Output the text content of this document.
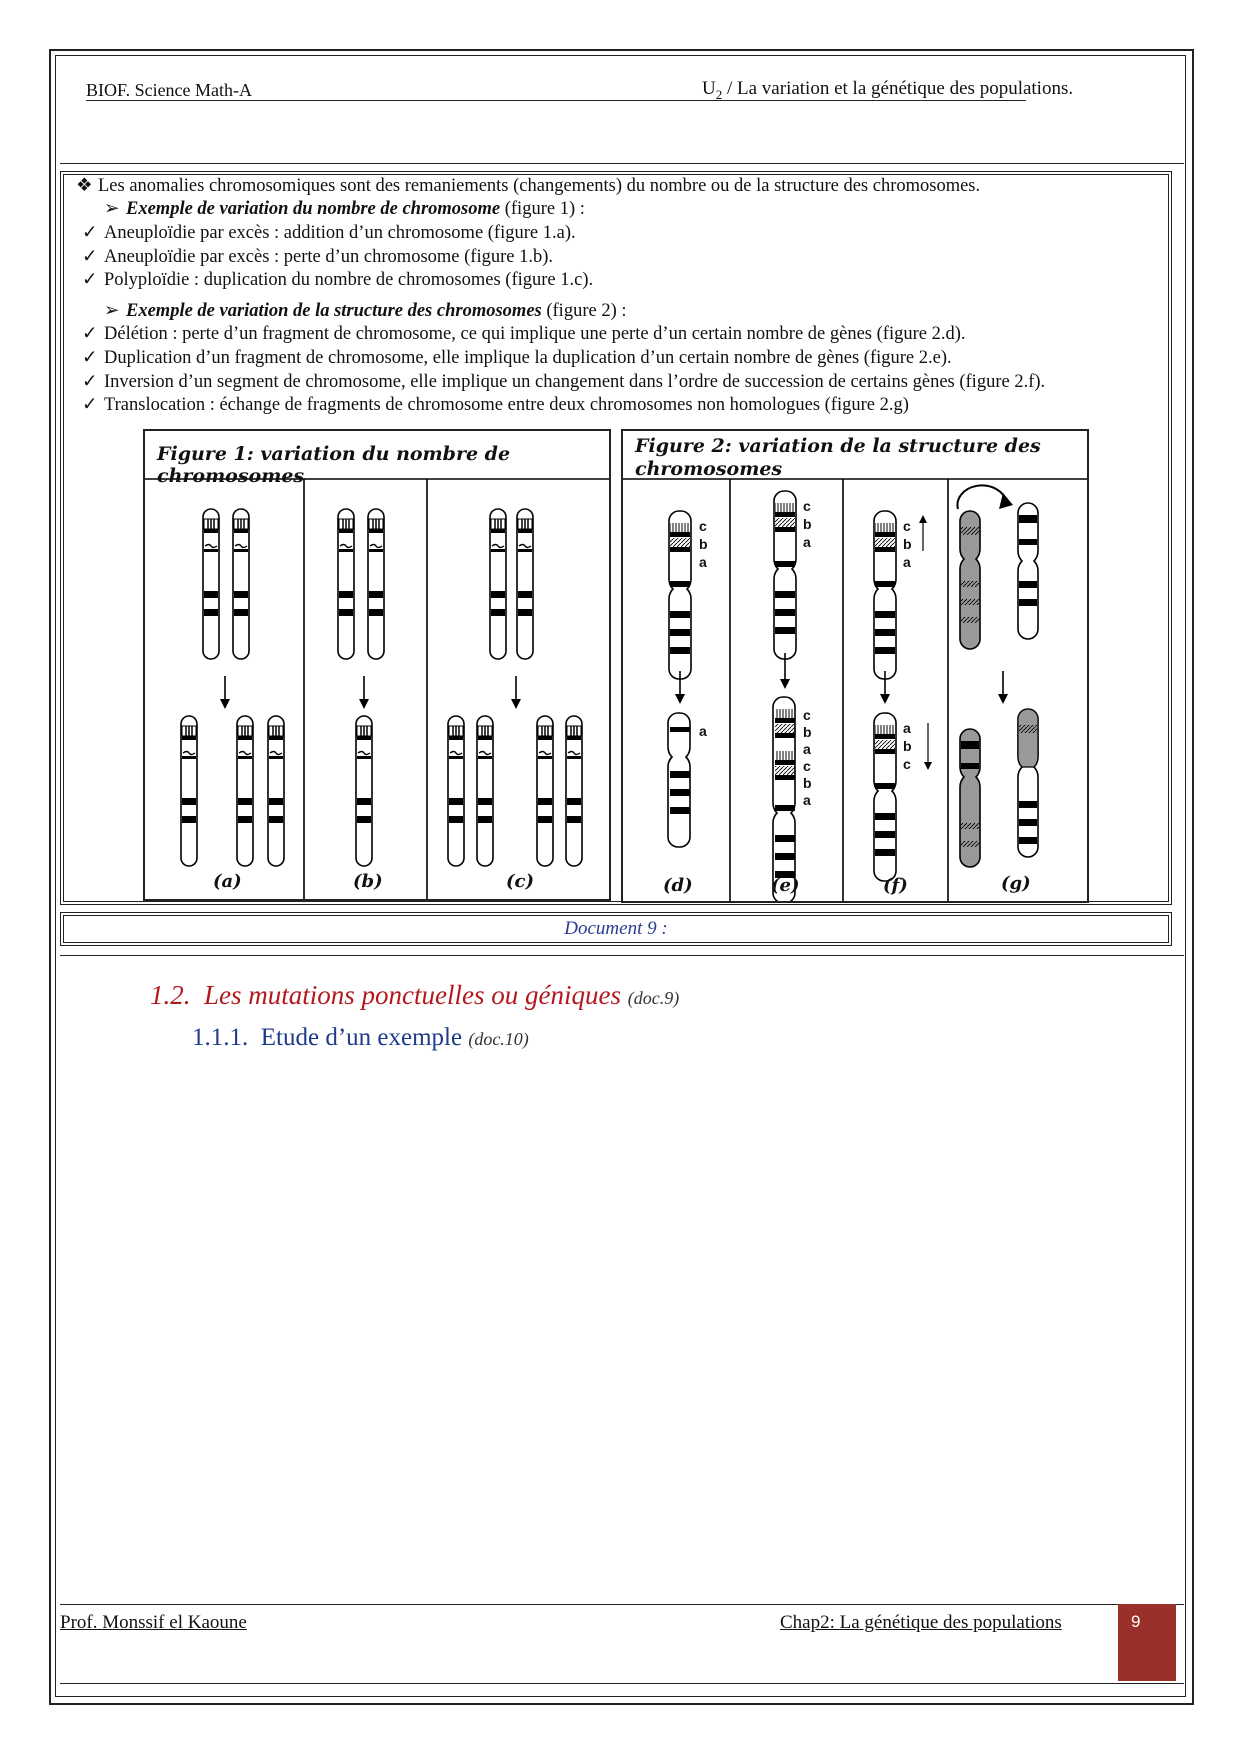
BIOF. Science Math-A	$U_2$ / La variation et la génétique des populations.
❖ Les anomalies chromosomiques sont des remaniements (changements) du nombre ou de la structure des chromosomes.
➢ Exemple de variation du nombre de chromosome (figure 1) :
✓ Aneuploïdie par excès : addition d’un chromosome (figure 1.a).
✓ Aneuploïdie par excès : perte d’un chromosome (figure 1.b).
✓ Polyploïdie : duplication du nombre de chromosomes (figure 1.c).
➢ Exemple de variation de la structure des chromosomes (figure 2) :
✓ Délétion : perte d’un fragment de chromosome, ce qui implique une perte d’un certain nombre de gènes (figure 2.d).
✓ Duplication d’un fragment de chromosome, elle implique la duplication d’un certain nombre de gènes (figure 2.e).
✓ Inversion d’un segment de chromosome, elle implique un changement dans l’ordre de succession de certains gènes (figure 2.f).
✓ Translocation : échange de fragments de chromosome entre deux chromosomes non homologues (figure 2.g)
Figure 1: variation du nombre de chromosomes
(a)	(b)	(c)
Figure 2: variation de la structure des
chromosomes
c
b
a
a
c
b
a
c
b
a
c
b
a
c
b
a
a
b
c
(d)	(e)	(f)	(g)
Document 9 :
1.2. Les mutations ponctuelles ou géniques (doc.9)
1.1.1. Etude d’un exemple (doc.10)
Prof. Monssif el Kaoune	Chap2: La génétique des populations	9
